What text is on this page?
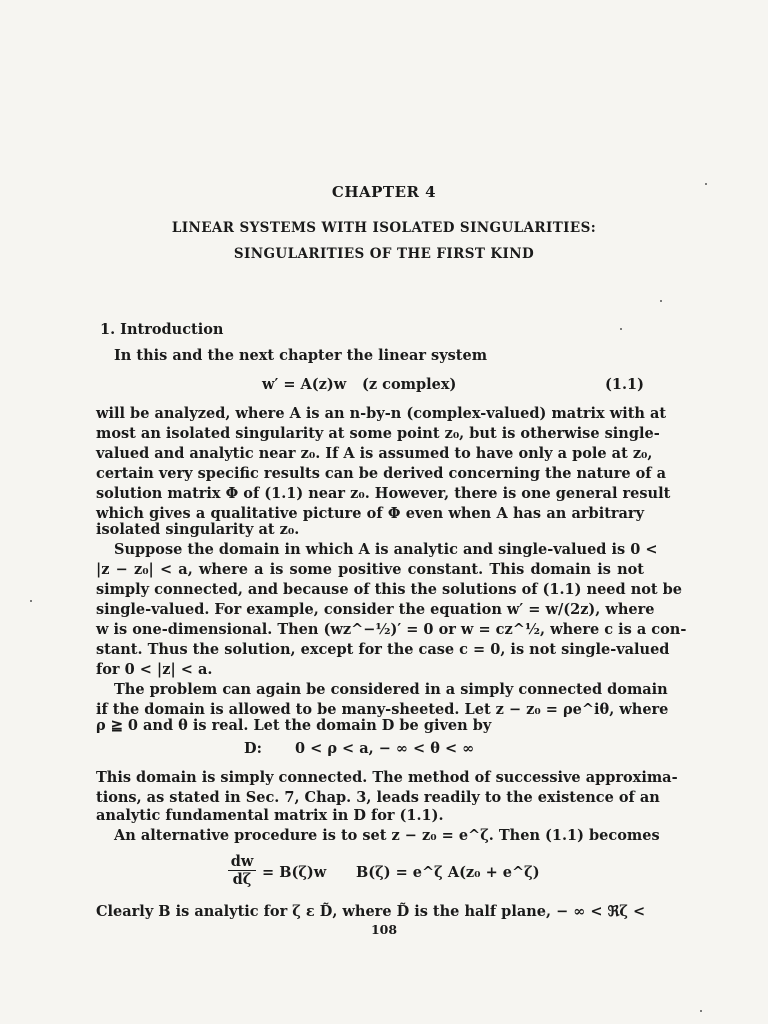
CHAPTER 4
LINEAR SYSTEMS WITH ISOLATED SINGULARITIES:
SINGULARITIES OF THE FIRST KIND
1. Introduction
In this and the next chapter the linear system
w′ = A(z)w (z complex)	(1.1)
will be analyzed, where A is an n-by-n (complex-valued) matrix with at
most an isolated singularity at some point z₀, but is otherwise single-
valued and analytic near z₀. If A is assumed to have only a pole at z₀,
certain very specific results can be derived concerning the nature of a
solution matrix Φ of (1.1) near z₀. However, there is one general result
which gives a qualitative picture of Φ even when A has an arbitrary
isolated singularity at z₀.
Suppose the domain in which A is analytic and single-valued is 0 <
|z − z₀| < a, where a is some positive constant. This domain is not
simply connected, and because of this the solutions of (1.1) need not be
single-valued. For example, consider the equation w′ = w/(2z), where
w is one-dimensional. Then (wz^−½)′ = 0 or w = cz^½, where c is a con-
stant. Thus the solution, except for the case c = 0, is not single-valued
for 0 < |z| < a.
The problem can again be considered in a simply connected domain
if the domain is allowed to be many-sheeted. Let z − z₀ = ρe^iθ, where
ρ ≧ 0 and θ is real. Let the domain D be given by
D: 0 < ρ < a, − ∞ < θ < ∞
This domain is simply connected. The method of successive approxima-
tions, as stated in Sec. 7, Chap. 3, leads readily to the existence of an
analytic fundamental matrix in D for (1.1).
An alternative procedure is to set z − z₀ = e^ζ. Then (1.1) becomes
$\frac{dw}{d\zeta} = B(\zeta)w$ B(ζ) = e^ζ A(z₀ + e^ζ)
Clearly B is analytic for ζ ε D̃, where D̃ is the half plane, − ∞ < ℜζ <
108
